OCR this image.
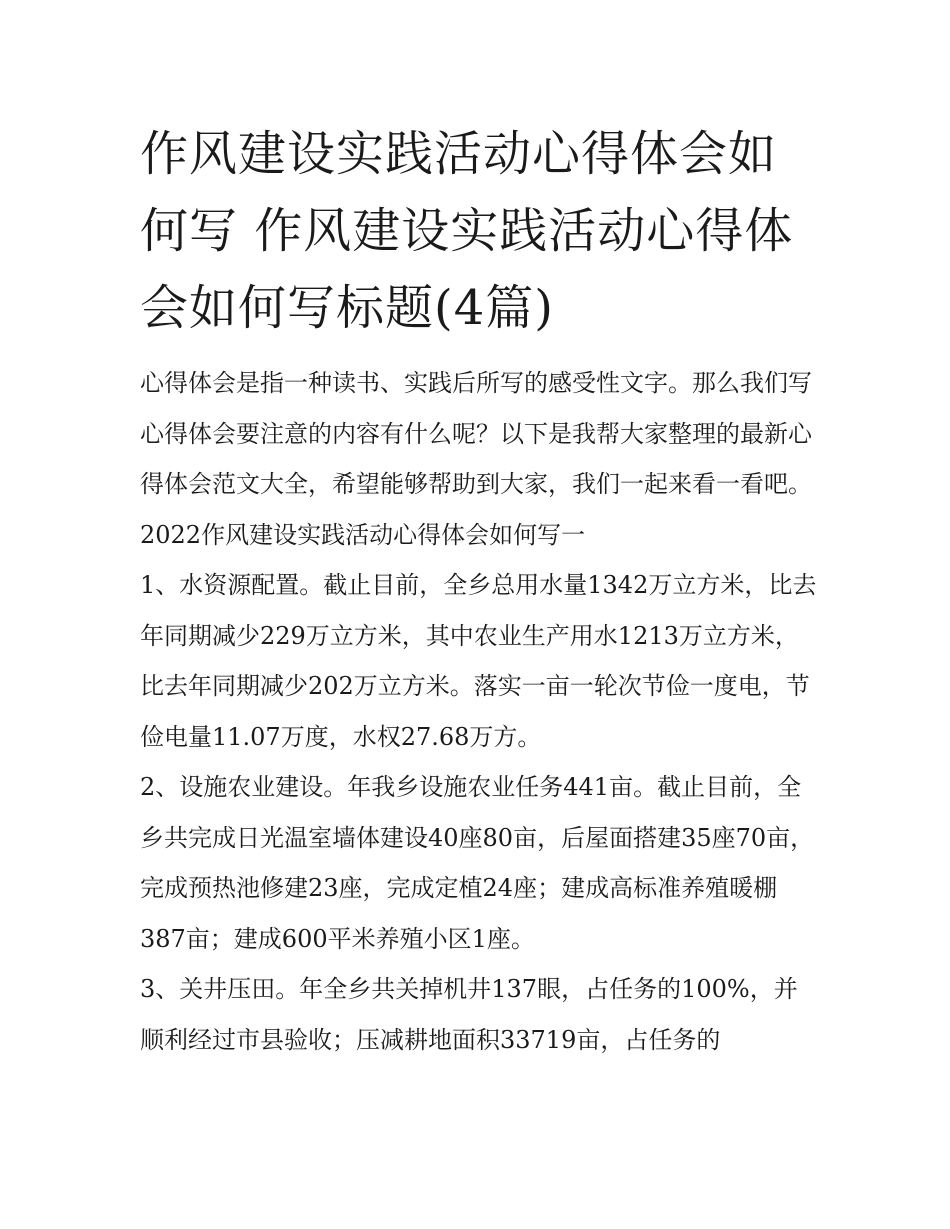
作风建设实践活动心得体会如何写 作风建设实践活动心得体会如何写标题(4篇)

心得体会是指一种读书、实践后所写的感受性文字。那么我们写心得体会要注意的内容有什么呢？以下是我帮大家整理的最新心得体会范文大全，希望能够帮助到大家，我们一起来看一看吧。

2022作风建设实践活动心得体会如何写一

1、水资源配置。截止目前，全乡总用水量1342万立方米，比去年同期减少229万立方米，其中农业生产用水1213万立方米，比去年同期减少202万立方米。落实一亩一轮次节俭一度电，节俭电量11.07万度，水权27.68万方。

2、设施农业建设。年我乡设施农业任务441亩。截止目前，全乡共完成日光温室墙体建设40座80亩，后屋面搭建35座70亩，完成预热池修建23座，完成定植24座；建成高标准养殖暖棚387亩；建成600平米养殖小区1座。

3、关井压田。年全乡共关掉机井137眼，占任务的100%，并顺利经过市县验收；压减耕地面积33719亩，占任务的
